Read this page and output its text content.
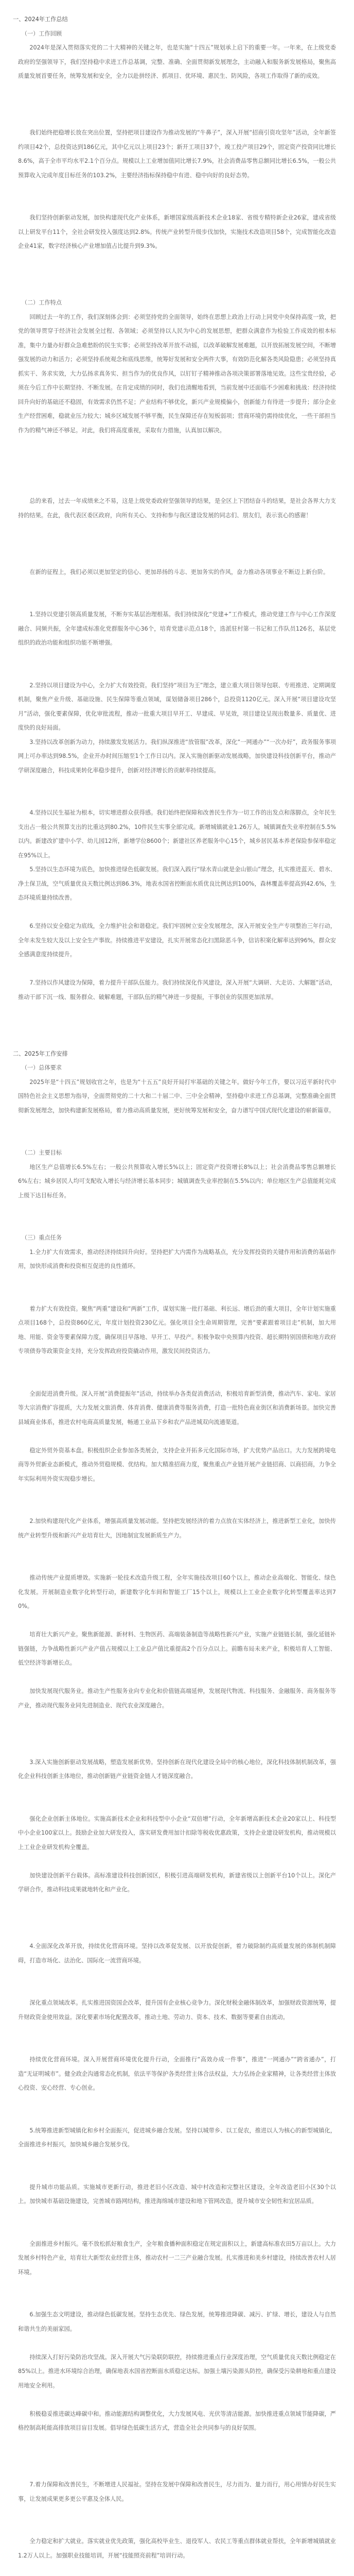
一、2024年工作总结

（一）工作回顾

2024年是深入贯彻落实党的二十大精神的关键之年，也是实施“十四五”规划承上启下的重要一年。一年来，在上级党委政府的坚强领导下，我们坚持稳中求进工作总基调，完整、准确、全面贯彻新发展理念，主动融入和服务新发展格局，聚焦高质量发展首要任务，统筹发展和安全，全力以赴拼经济、抓项目、优环境、惠民生、防风险，各项工作取得了新的成效。

我们始终把稳增长放在突出位置，坚持把项目建设作为推动发展的“牛鼻子”，深入开展“招商引资攻坚年”活动，全年新签约项目42个，总投资达到186亿元，其中亿元以上项目23个；新开工项目37个，竣工投产项目29个，固定资产投资同比增长8.6%，高于全市平均水平2.1个百分点。规模以上工业增加值同比增长7.9%，社会消费品零售总额同比增长6.5%，一般公共预算收入完成年度目标任务的103.2%，主要经济指标保持稳中有进、稳中向好的良好态势。

我们坚持创新驱动发展，加快构建现代化产业体系，新增国家级高新技术企业18家、省级专精特新企业26家，建成省级以上研发平台11个，全社会研发投入强度达到2.8%。传统产业转型升级步伐加快，实施技术改造项目58个，完成智能化改造企业41家，数字经济核心产业增加值占比提升到9.3%。

（二）工作特点

回顾过去一年的工作，我们深刻体会到：必须坚持党的全面领导，始终在思想上政治上行动上同党中央保持高度一致，把党的领导贯穿于经济社会发展全过程、各领域；必须坚持以人民为中心的发展思想，把群众满意作为检验工作成效的根本标准，集中力量办好群众急难愁盼的民生实事；必须坚持改革开放不动摇，以改革破解发展难题，以开放拓展发展空间，不断增强发展的动力和活力；必须坚持系统观念和底线思维，统筹好发展和安全两件大事，有效防范化解各类风险隐患；必须坚持真抓实干、务求实效，大力弘扬求真务实、担当作为的优良作风，以钉钉子精神推动各项决策部署落地见效。这些宝贵经验，必须在今后工作中长期坚持、不断发展。在肯定成绩的同时，我们也清醒地看到，当前发展中还面临不少困难和挑战：经济持续回升向好的基础还不稳固，有效需求仍然不足；产业结构不够优化，新兴产业规模偏小，创新能力有待进一步提升；部分企业生产经营困难，稳就业压力较大；城乡区域发展不够平衡，民生保障还存在短板弱项；营商环境仍需持续优化，一些干部担当作为的精气神还不够足。对此，我们将高度重视，采取有力措施，认真加以解决。

总的来看，过去一年成绩来之不易，这是上级党委政府坚强领导的结果，是全区上下团结奋斗的结果，是社会各界大力支持的结果。在此，我代表区委区政府，向所有关心、支持和参与我区建设发展的同志们、朋友们，表示衷心的感谢！

在新的征程上，我们必须以更加坚定的信心、更加昂扬的斗志、更加务实的作风，奋力推动各项事业不断迈上新台阶。

1.坚持以党建引领高质量发展，不断夯实基层治理根基。我们持续深化“党建+”工作模式，推动党建工作与中心工作深度融合、同频共振，全年建成标准化党群服务中心36个，培育党建示范点18个，选派驻村第一书记和工作队员126名，基层党组织的政治功能和组织功能不断增强。

2.坚持以项目建设为中心，全力扩大有效投资。我们坚持“项目为王”理念，建立重大项目领导包联、专班推进、定期调度机制，聚焦产业升级、基础设施、民生保障等重点领域，谋划储备项目286个，总投资1120亿元。深入开展“项目建设攻坚月”活动，强化要素保障，优化审批流程，推动一批重大项目早开工、早建成、早见效，项目建设呈现出数量多、质量优、进度快的良好局面。

3.坚持以改革创新为动力，持续激发发展活力。我们纵深推进“放管服”改革，深化“一网通办”“一次办好”，政务服务事项网上可办率达到98.5%，企业开办时间压缩至1个工作日以内。深入实施创新驱动发展战略，加快建设科技创新平台，推动产学研深度融合，科技成果转化率稳步提升，创新对经济增长的贡献率持续提高。

4.坚持以民生福祉为根本，切实增进群众获得感。我们始终把保障和改善民生作为一切工作的出发点和落脚点，全年民生支出占一般公共预算支出的比重达到80.2%，10件民生实事全部完成。新增城镇就业1.26万人，城镇调查失业率控制在5.5%以内。新建改扩建中小学、幼儿园12所，新增学位8600个；新建社区养老服务中心15个，城乡居民基本养老保险参保率稳定在95%以上。

5.坚持以生态环境为底色，加快推进绿色低碳发展。我们深入践行“绿水青山就是金山银山”理念，扎实推进蓝天、碧水、净土保卫战，空气质量优良天数比例达到86.3%，地表水国省控断面水质优良比例达到100%，森林覆盖率提高到42.6%，生态环境质量持续改善。

6.坚持以安全稳定为底线，全力维护社会和谐稳定。我们牢固树立安全发展理念，深入开展安全生产专项整治三年行动，全年未发生较大及以上安全生产事故。持续推进平安建设，扎实开展常态化扫黑除恶斗争，信访积案化解率达到96%，群众安全感满意度持续提升。

7.坚持以作风建设为保障，着力提升干部队伍能力。我们持续深化作风建设，深入开展“大调研、大走访、大解题”活动，推动干部下沉一线、服务群众、破解难题，干部队伍的精气神进一步提振，干事创业的氛围更加浓厚。

二、2025年工作安排

（一）总体要求

2025年是“十四五”规划收官之年，也是为“十五五”良好开局打牢基础的关键之年。做好今年工作，要以习近平新时代中国特色社会主义思想为指导，全面贯彻党的二十大和二十届二中、三中全会精神，坚持稳中求进工作总基调，完整准确全面贯彻新发展理念，加快构建新发展格局，着力推动高质量发展，更好统筹发展和安全，奋力谱写中国式现代化建设的崭新篇章。

（二）主要目标

地区生产总值增长6.5%左右；一般公共预算收入增长5%以上；固定资产投资增长8%以上；社会消费品零售总额增长6%左右；城乡居民人均可支配收入增长与经济增长基本同步；城镇调查失业率控制在5.5%以内；单位地区生产总值能耗完成上级下达目标任务。

（三）重点任务

1.全力扩大有效需求，推动经济持续回升向好。坚持把扩大内需作为战略基点，充分发挥投资的关键作用和消费的基础作用，加快形成消费和投资相互促进的良性循环。

着力扩大有效投资。聚焦“两重”建设和“两新”工作，谋划实施一批打基础、利长远、增后劲的重大项目，全年计划实施重点项目168个，总投资860亿元，年度计划投资230亿元。强化项目全生命周期管理，完善“要素跟着项目走”机制，加大用地、用能、资金等要素保障力度，确保项目早落地、早开工、早投产。积极争取中央预算内投资、超长期特别国债和地方政府专项债券等政策资金支持，充分发挥政府投资撬动作用，激发民间投资活力。

全面促进消费升级。深入开展“消费提振年”活动，持续举办各类促消费活动，积极培育新型消费，推动汽车、家电、家居等大宗消费扩容提质，大力发展文旅消费、体育消费、健康消费等服务消费，打造一批特色商业街区和消费新场景。加快完善县域商业体系，推进农村电商高质量发展，畅通工业品下乡和农产品进城双向流通渠道。

稳定外贸外资基本盘。积极组织企业参加各类展会，支持企业开拓多元化国际市场，扩大优势产品出口。大力发展跨境电商等外贸新业态新模式，推动外贸稳规模、优结构。加大精准招商力度，聚焦重点产业链开展产业链招商、以商招商，力争全年实际利用外资实现稳步增长。

2.加快构建现代化产业体系，增强高质量发展动能。坚持把发展经济的着力点放在实体经济上，推进新型工业化，加快传统产业转型升级和新兴产业培育壮大，因地制宜发展新质生产力。

推动传统产业提质增效。实施新一轮技术改造升级工程，全年实施技改项目60个以上，推动企业高端化、智能化、绿色化发展。开展制造业数字化转型行动，新建数字化车间和智能工厂15个以上，规模以上工业企业数字化转型覆盖率达到70%。

培育壮大新兴产业。聚焦新能源、新材料、生物医药、高端装备制造等战略性新兴产业，实施产业链链长制，强化延链补链强链，力争战略性新兴产业产值占规模以上工业总产值比重提高2个百分点以上。前瞻布局未来产业，积极培育人工智能、低空经济等新增长点。

加快发展现代服务业。推动生产性服务业向专业化和价值链高端延伸，发展现代物流、科技服务、金融服务、商务服务等产业，推动现代服务业同先进制造业、现代农业深度融合。

3.深入实施创新驱动发展战略，塑造发展新优势。坚持创新在现代化建设全局中的核心地位，深化科技体制机制改革，强化企业科技创新主体地位，推动创新链产业链资金链人才链深度融合。

强化企业创新主体地位。实施高新技术企业和科技型中小企业“双倍增”行动，全年新增高新技术企业20家以上、科技型中小企业100家以上。鼓励企业加大研发投入，落实研发费用加计扣除等税收优惠政策，支持企业建设研发机构，推动规模以上工业企业研发机构全覆盖。

加快建设创新平台载体。高标准建设科技创新园区，积极引进高端研发机构，新建省级以上创新平台10个以上。深化产学研合作，推动科技成果就地转化和产业化。

4.全面深化改革开放，持续优化营商环境。坚持以改革促发展、以开放促创新，着力破除制约高质量发展的体制机制障碍，打造市场化、法治化、国际化一流营商环境。

深化重点领域改革。扎实推进国资国企改革，提升国有企业核心竞争力。深化财税金融体制改革，加强财政资源统筹，提升财政资金使用效益。深化要素市场化配置改革，推动土地、劳动力、资本、技术、数据等要素自由流动。

持续优化营商环境。深入开展营商环境优化提升行动，全面推行“高效办成一件事”，推进“一网通办”“跨省通办”，打造“无证明城市”。健全政企沟通常态化机制，依法平等保护各类经营主体合法权益，大力弘扬企业家精神，让各类经营主体放心投资、安心经营、专心创业。

5.统筹推进新型城镇化和乡村全面振兴，促进城乡融合发展。坚持以城带乡、以工促农，推进以人为核心的新型城镇化，全面推进乡村振兴，加快城乡融合发展步伐。

提升城市功能品质。实施城市更新行动，推进老旧小区改造、城中村改造和完整社区建设，全年改造老旧小区30个以上。加快城市基础设施建设，完善城市路网结构，推进海绵城市建设和地下管网改造，提升城市安全韧性和宜居品质。

全面推进乡村振兴。毫不放松抓好粮食生产，全年粮食播种面积稳定在规定面积以上，新建高标准农田5万亩以上。大力发展乡村特色产业，培育壮大新型农业经营主体，推动农村一二三产业融合发展。扎实推进和美乡村建设，持续改善农村人居环境。

6.加强生态文明建设，推动绿色低碳发展。坚持生态优先、绿色发展，统筹推进降碳、减污、扩绿、增长，建设人与自然和谐共生的美丽家园。

持续深入打好污染防治攻坚战。深入开展大气污染联防联控，持续推进重点行业深度治理，空气质量优良天数比例稳定在85%以上。推进水环境综合治理，确保地表水国省控断面水质稳定达标。加强土壤污染源头防控，确保受污染耕地和重点建设用地安全利用。

积极稳妥推进碳达峰碳中和。推动能源结构调整优化，大力发展风电、光伏等清洁能源。加快推进重点领域节能降碳，严格控制高耗能高排放项目盲目发展。倡导绿色低碳生活方式，营造全社会共同参与的良好氛围。

7.着力保障和改善民生，不断增进人民福祉。坚持在发展中保障和改善民生，尽力而为、量力而行，用心用情办好民生实事，让发展成果更多更公平惠及全体人民。

全力稳定和扩大就业。落实就业优先政策，强化高校毕业生、退役军人、农民工等重点群体就业帮扶，全年新增城镇就业1.2万人以上。加强职业技能培训，开展“技能照亮前程”培训行动。
